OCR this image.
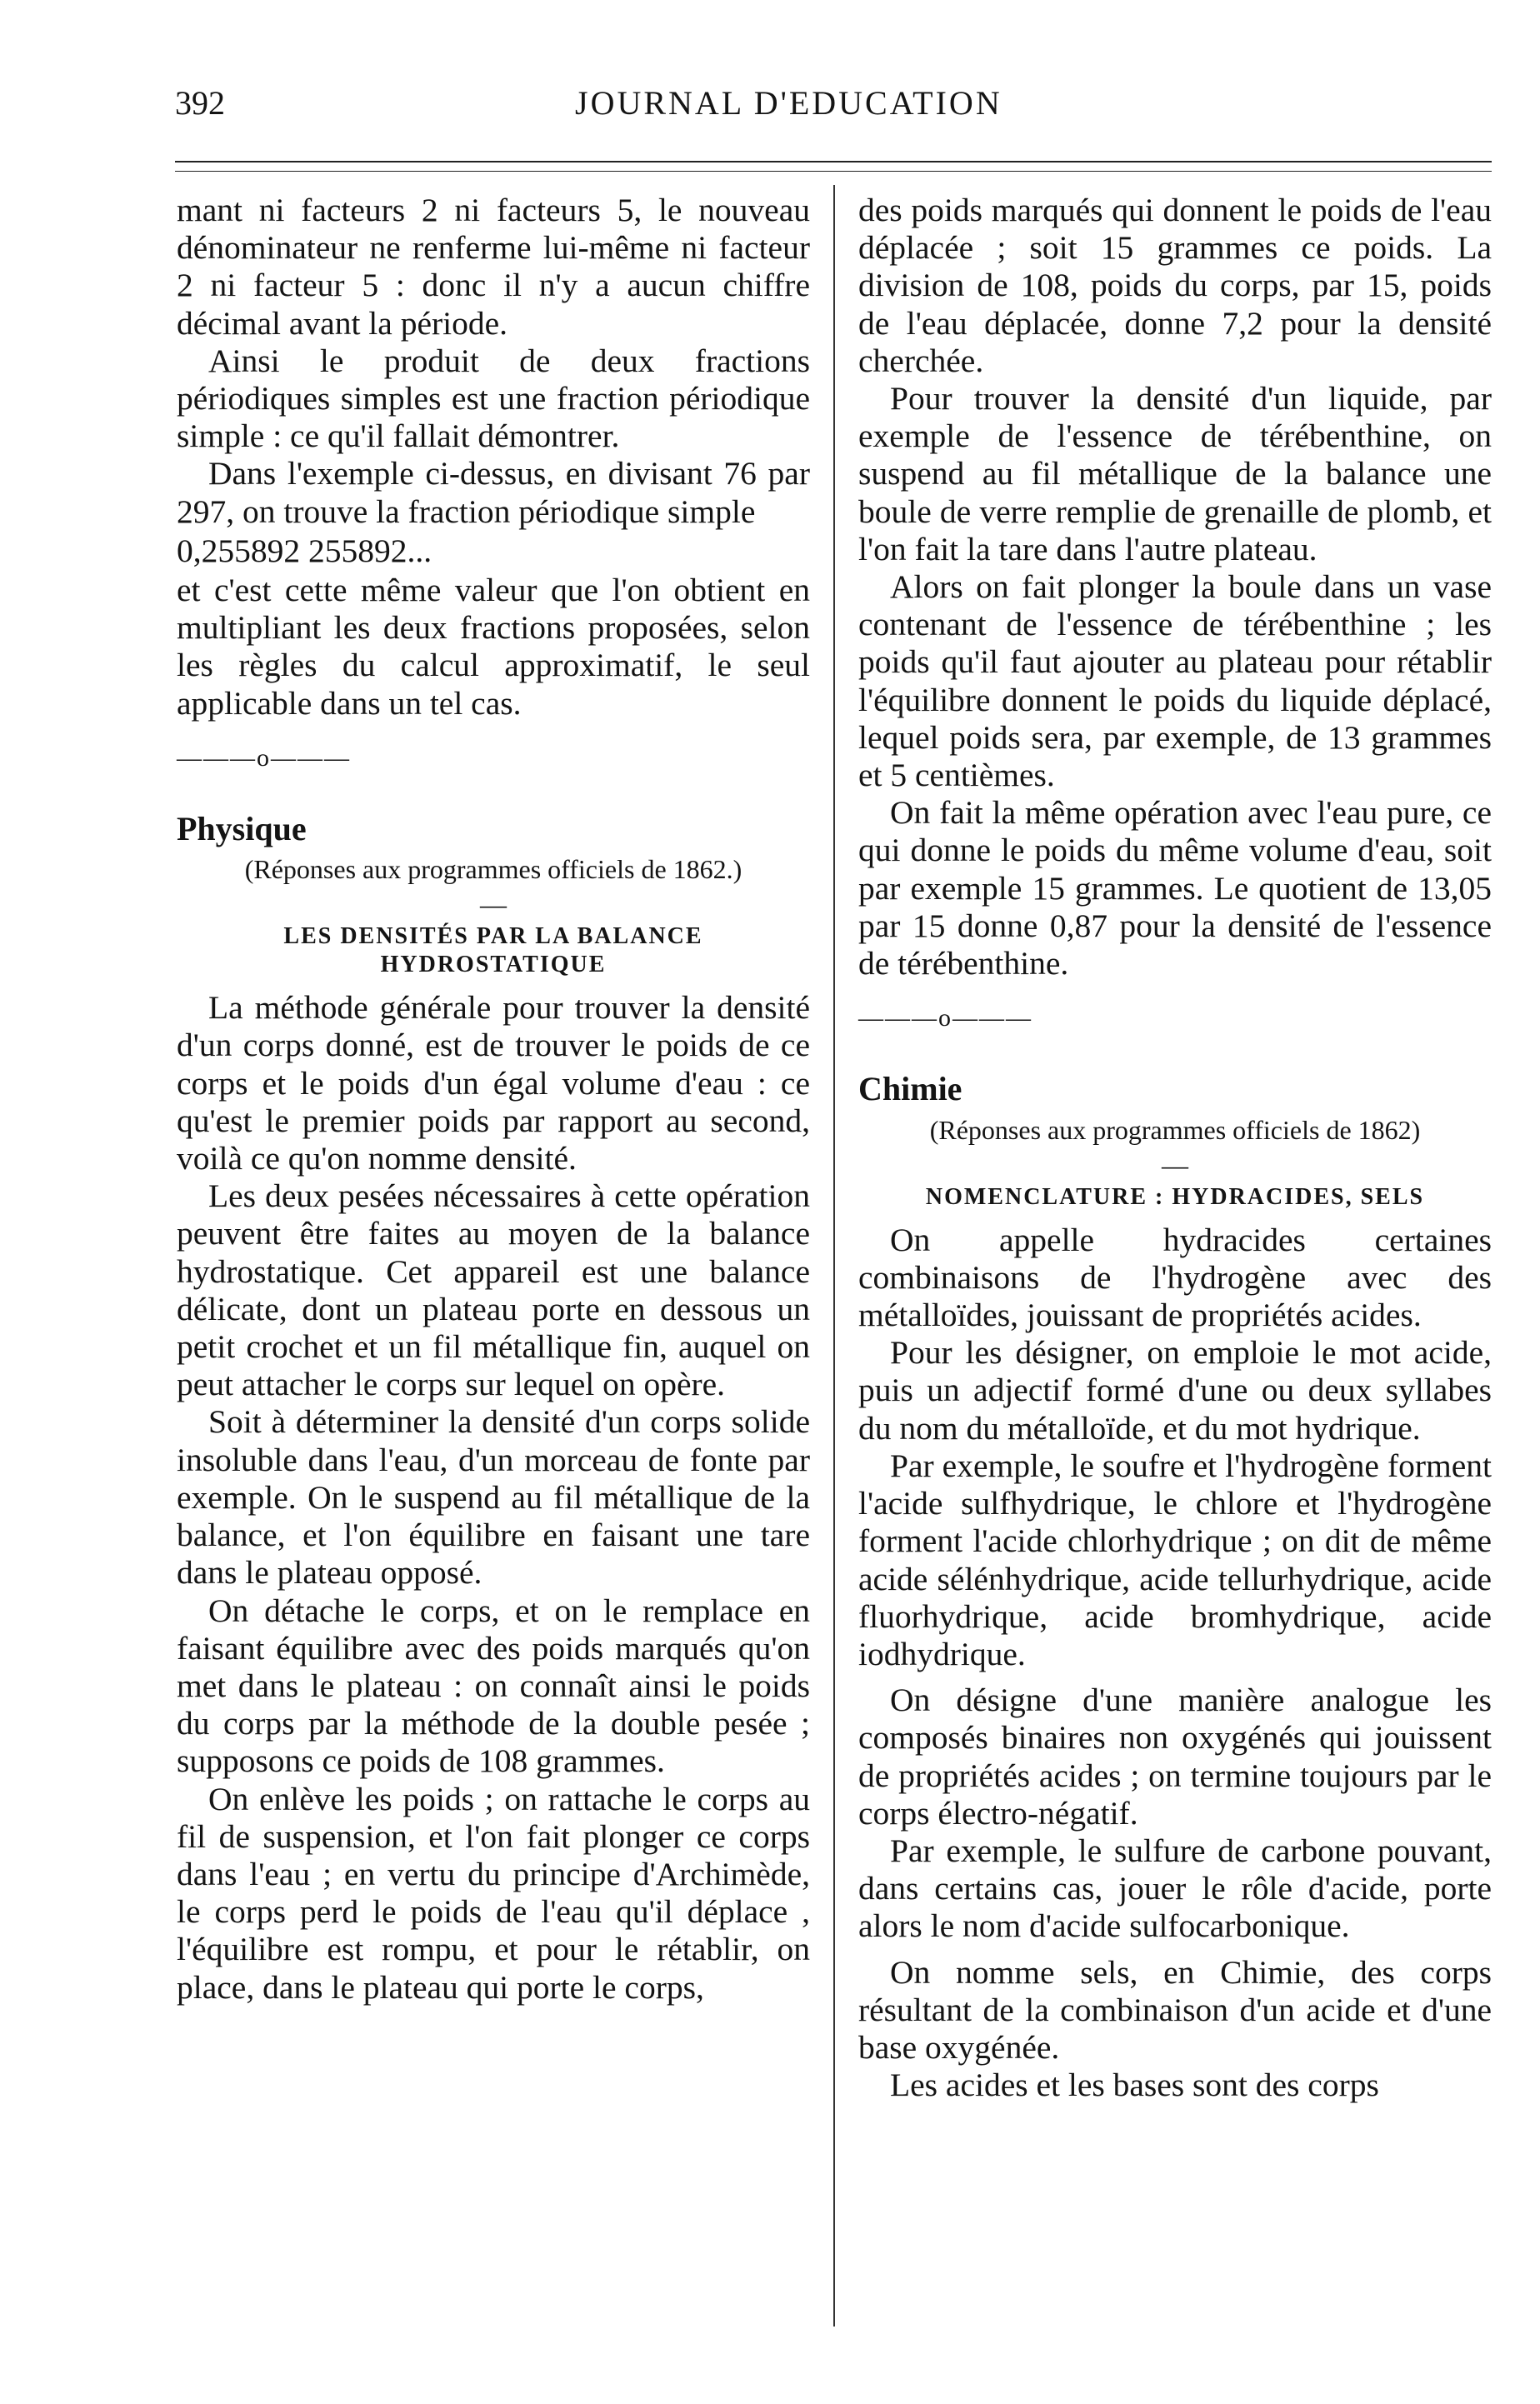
392	JOURNAL D'EDUCATION

mant ni facteurs 2 ni facteurs 5, le nouveau dénominateur ne renferme lui-même ni facteur 2 ni facteur 5 : donc il n'y a aucun chiffre décimal avant la période.

Ainsi le produit de deux fractions périodiques simples est une fraction périodique simple : ce qu'il fallait démontrer.

Dans l'exemple ci-dessus, en divisant 76 par 297, on trouve la fraction périodique simple

0,255892 255892...

et c'est cette même valeur que l'on obtient en multipliant les deux fractions proposées, selon les règles du calcul approximatif, le seul applicable dans un tel cas.

———o———

Physique

(Réponses aux programmes officiels de 1862.)

—

LES DENSITÉS PAR LA BALANCE
HYDROSTATIQUE

La méthode générale pour trouver la densité d'un corps donné, est de trouver le poids de ce corps et le poids d'un égal volume d'eau : ce qu'est le premier poids par rapport au second, voilà ce qu'on nomme densité.

Les deux pesées nécessaires à cette opération peuvent être faites au moyen de la balance hydrostatique. Cet appareil est une balance délicate, dont un plateau porte en dessous un petit crochet et un fil métallique fin, auquel on peut attacher le corps sur lequel on opère.

Soit à déterminer la densité d'un corps solide insoluble dans l'eau, d'un morceau de fonte par exemple. On le suspend au fil métallique de la balance, et l'on équilibre en faisant une tare dans le plateau opposé.

On détache le corps, et on le remplace en faisant équilibre avec des poids marqués qu'on met dans le plateau : on connaît ainsi le poids du corps par la méthode de la double pesée ; supposons ce poids de 108 grammes.

On enlève les poids ; on rattache le corps au fil de suspension, et l'on fait plonger ce corps dans l'eau ; en vertu du principe d'Archimède, le corps perd le poids de l'eau qu'il déplace , l'équilibre est rompu, et pour le rétablir, on place, dans le plateau qui porte le corps,

des poids marqués qui donnent le poids de l'eau déplacée ; soit 15 grammes ce poids. La division de 108, poids du corps, par 15, poids de l'eau déplacée, donne 7,2 pour la densité cherchée.

Pour trouver la densité d'un liquide, par exemple de l'essence de térébenthine, on suspend au fil métallique de la balance une boule de verre remplie de grenaille de plomb, et l'on fait la tare dans l'autre plateau.

Alors on fait plonger la boule dans un vase contenant de l'essence de térébenthine ; les poids qu'il faut ajouter au plateau pour rétablir l'équilibre donnent le poids du liquide déplacé, lequel poids sera, par exemple, de 13 grammes et 5 centièmes.

On fait la même opération avec l'eau pure, ce qui donne le poids du même volume d'eau, soit par exemple 15 grammes. Le quotient de 13,05 par 15 donne 0,87 pour la densité de l'essence de térébenthine.

———o———

Chimie

(Réponses aux programmes officiels de 1862)

—

NOMENCLATURE : HYDRACIDES, SELS

On appelle hydracides certaines combinaisons de l'hydrogène avec des métalloïdes, jouissant de propriétés acides.

Pour les désigner, on emploie le mot acide, puis un adjectif formé d'une ou deux syllabes du nom du métalloïde, et du mot hydrique.

Par exemple, le soufre et l'hydrogène forment l'acide sulfhydrique, le chlore et l'hydrogène forment l'acide chlorhydrique ; on dit de même acide sélénhydrique, acide tellurhydrique, acide fluorhydrique, acide bromhydrique, acide iodhydrique.

On désigne d'une manière analogue les composés binaires non oxygénés qui jouissent de propriétés acides ; on termine toujours par le corps électro-négatif.

Par exemple, le sulfure de carbone pouvant, dans certains cas, jouer le rôle d'acide, porte alors le nom d'acide sulfocarbonique.

On nomme sels, en Chimie, des corps résultant de la combinaison d'un acide et d'une base oxygénée.

Les acides et les bases sont des corps
